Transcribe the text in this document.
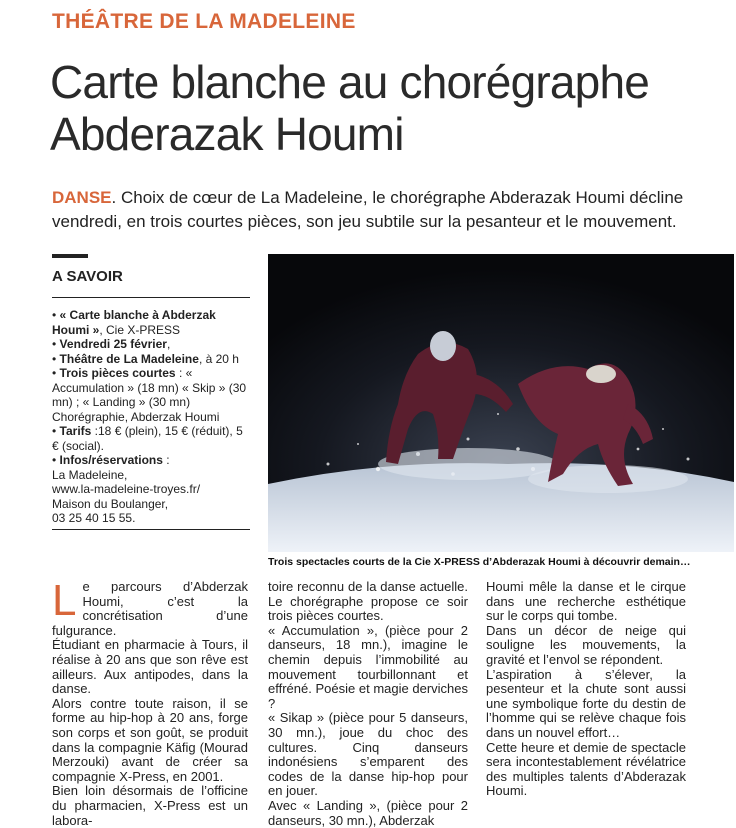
THÉÂTRE DE LA MADELEINE
Carte blanche au chorégraphe
Abderazak Houmi
DANSE. Choix de cœur de La Madeleine, le chorégraphe Abderazak Houmi décline vendredi, en trois courtes pièces, son jeu subtile sur la pesanteur et le mouvement.
A SAVOIR
• « Carte blanche à Abderzak Houmi », Cie X-PRESS
• Vendredi 25 février,
• Théâtre de La Madeleine, à 20 h
• Trois pièces courtes : « Accumulation » (18 mn) « Skip » (30 mn) ; « Landing » (30 mn) Chorégraphie, Abderzak Houmi
• Tarifs :18 € (plein), 15 € (réduit), 5 € (social).
• Infos/réservations :
La Madeleine,
www.la-madeleine-troyes.fr/
Maison du Boulanger,
03 25 40 15 55.
Trois spectacles courts de la Cie X-PRESS d’Abderazak Houmi à découvrir demain…

Le parcours d’Abderzak Houmi, c’est la concrétisation d’une fulgurance.

Étudiant en pharmacie à Tours, il réalise à 20 ans que son rêve est ailleurs. Aux antipodes, dans la danse.

Alors contre toute raison, il se forme au hip-hop à 20 ans, forge son corps et son goût, se produit dans la compagnie Käfig (Mourad Merzouki) avant de créer sa compagnie X-Press, en 2001.

Bien loin désormais de l’officine du pharmacien, X-Press est un labora-

toire reconnu de la danse actuelle. Le chorégraphe propose ce soir trois pièces courtes.

« Accumulation », (pièce pour 2 danseurs, 18 mn.), imagine le chemin depuis l’immobilité au mouvement tourbillonnant et effréné. Poésie et magie derviches ?

« Sikap » (pièce pour 5 danseurs, 30 mn.), joue du choc des cultures. Cinq danseurs indonésiens s’emparent des codes de la danse hip-hop pour en jouer.

Avec « Landing », (pièce pour 2 danseurs, 30 mn.), Abderzak

Houmi mêle la danse et le cirque dans une recherche esthétique sur le corps qui tombe.

Dans un décor de neige qui souligne les mouvements, la gravité et l’envol se répondent.

L’aspiration à s’élever, la pesenteur et la chute sont aussi une symbolique forte du destin de l’homme qui se relève chaque fois dans un nouvel effort…

Cette heure et demie de spectacle sera incontestablement révélatrice des multiples talents d’Abderazak Houmi.
